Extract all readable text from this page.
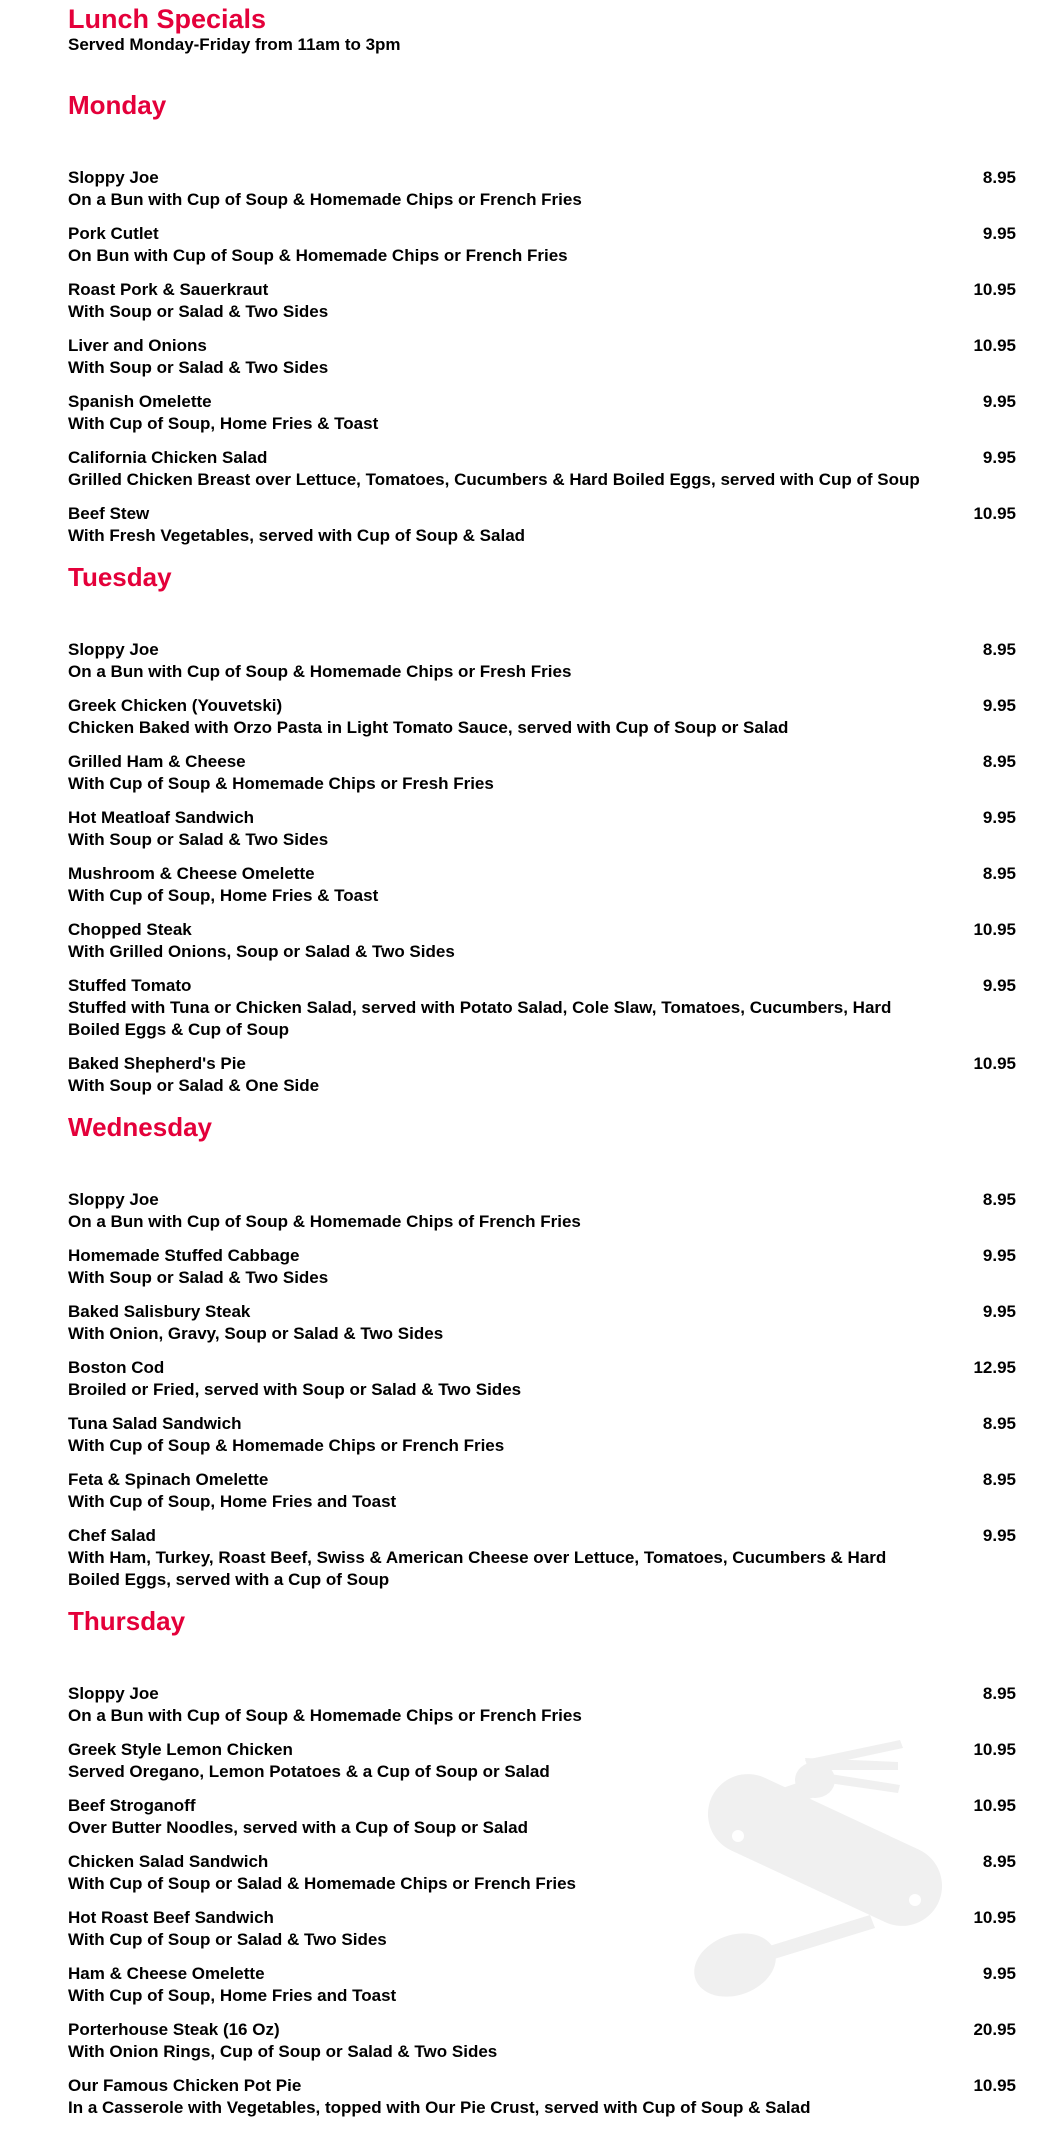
Lunch Specials
Served Monday-Friday from 11am to 3pm
Monday
Sloppy Joe
On a Bun with Cup of Soup & Homemade Chips or French Fries
8.95
Pork Cutlet
On Bun with Cup of Soup & Homemade Chips or French Fries
9.95
Roast Pork & Sauerkraut
With Soup or Salad & Two Sides
10.95
Liver and Onions
With Soup or Salad & Two Sides
10.95
Spanish Omelette
With Cup of Soup, Home Fries & Toast
9.95
California Chicken Salad
Grilled Chicken Breast over Lettuce, Tomatoes, Cucumbers & Hard Boiled Eggs, served with Cup of Soup
9.95
Beef Stew
With Fresh Vegetables, served with Cup of Soup & Salad
10.95
Tuesday
Sloppy Joe
On a Bun with Cup of Soup & Homemade Chips or Fresh Fries
8.95
Greek Chicken (Youvetski)
Chicken Baked with Orzo Pasta in Light Tomato Sauce, served with Cup of Soup or Salad
9.95
Grilled Ham & Cheese
With Cup of Soup & Homemade Chips or Fresh Fries
8.95
Hot Meatloaf Sandwich
With Soup or Salad & Two Sides
9.95
Mushroom & Cheese Omelette
With Cup of Soup, Home Fries & Toast
8.95
Chopped Steak
With Grilled Onions, Soup or Salad & Two Sides
10.95
Stuffed Tomato
Stuffed with Tuna or Chicken Salad, served with Potato Salad, Cole Slaw, Tomatoes, Cucumbers, Hard Boiled Eggs & Cup of Soup
9.95
Baked Shepherd's Pie
With Soup or Salad & One Side
10.95
Wednesday
Sloppy Joe
On a Bun with Cup of Soup & Homemade Chips of French Fries
8.95
Homemade Stuffed Cabbage
With Soup or Salad & Two Sides
9.95
Baked Salisbury Steak
With Onion, Gravy, Soup or Salad & Two Sides
9.95
Boston Cod
Broiled or Fried, served with Soup or Salad & Two Sides
12.95
Tuna Salad Sandwich
With Cup of Soup & Homemade Chips or French Fries
8.95
Feta & Spinach Omelette
With Cup of Soup, Home Fries and Toast
8.95
Chef Salad
With Ham, Turkey, Roast Beef, Swiss & American Cheese over Lettuce, Tomatoes, Cucumbers & Hard Boiled Eggs, served with a Cup of Soup
9.95
Thursday
Sloppy Joe
On a Bun with Cup of Soup & Homemade Chips or French Fries
8.95
Greek Style Lemon Chicken
Served Oregano, Lemon Potatoes & a Cup of Soup or Salad
10.95
Beef Stroganoff
Over Butter Noodles, served with a Cup of Soup or Salad
10.95
Chicken Salad Sandwich
With Cup of Soup or Salad & Homemade Chips or French Fries
8.95
Hot Roast Beef Sandwich
With Cup of Soup or Salad & Two Sides
10.95
Ham & Cheese Omelette
With Cup of Soup, Home Fries and Toast
9.95
Porterhouse Steak (16 Oz)
With Onion Rings, Cup of Soup or Salad & Two Sides
20.95
Our Famous Chicken Pot Pie
In a Casserole with Vegetables, topped with Our Pie Crust, served with Cup of Soup & Salad
10.95
